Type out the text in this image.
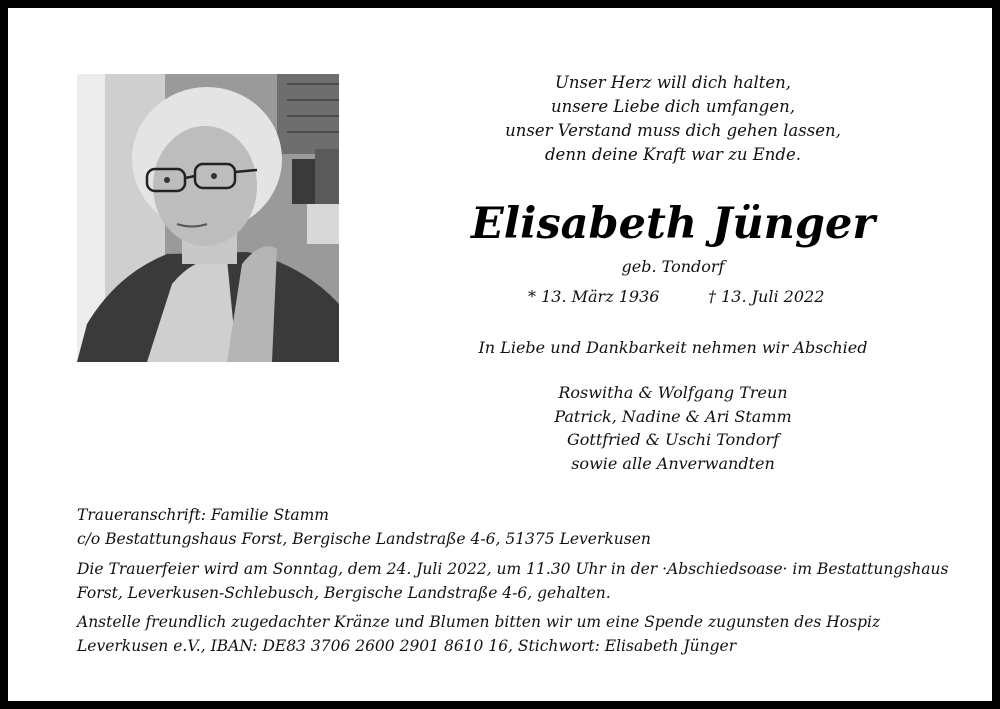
Unser Herz will dich halten,
unsere Liebe dich umfangen,
unser Verstand muss dich gehen lassen,
denn deine Kraft war zu Ende.
Elisabeth Jünger
geb. Tondorf
* 13. März 1936	† 13. Juli 2022
In Liebe und Dankbarkeit nehmen wir Abschied
Roswitha & Wolfgang Treun
Patrick, Nadine & Ari Stamm
Gottfried & Uschi Tondorf
sowie alle Anverwandten
Traueranschrift: Familie Stamm
c/o Bestattungshaus Forst, Bergische Landstraße 4-6, 51375 Leverkusen
Die Trauerfeier wird am Sonntag, dem 24. Juli 2022, um 11.30 Uhr in der ·Abschiedsoase· im Bestattungshaus
Forst, Leverkusen-Schlebusch, Bergische Landstraße 4-6, gehalten.
Anstelle freundlich zugedachter Kränze und Blumen bitten wir um eine Spende zugunsten des Hospiz
Leverkusen e.V., IBAN: DE83 3706 2600 2901 8610 16, Stichwort: Elisabeth Jünger
